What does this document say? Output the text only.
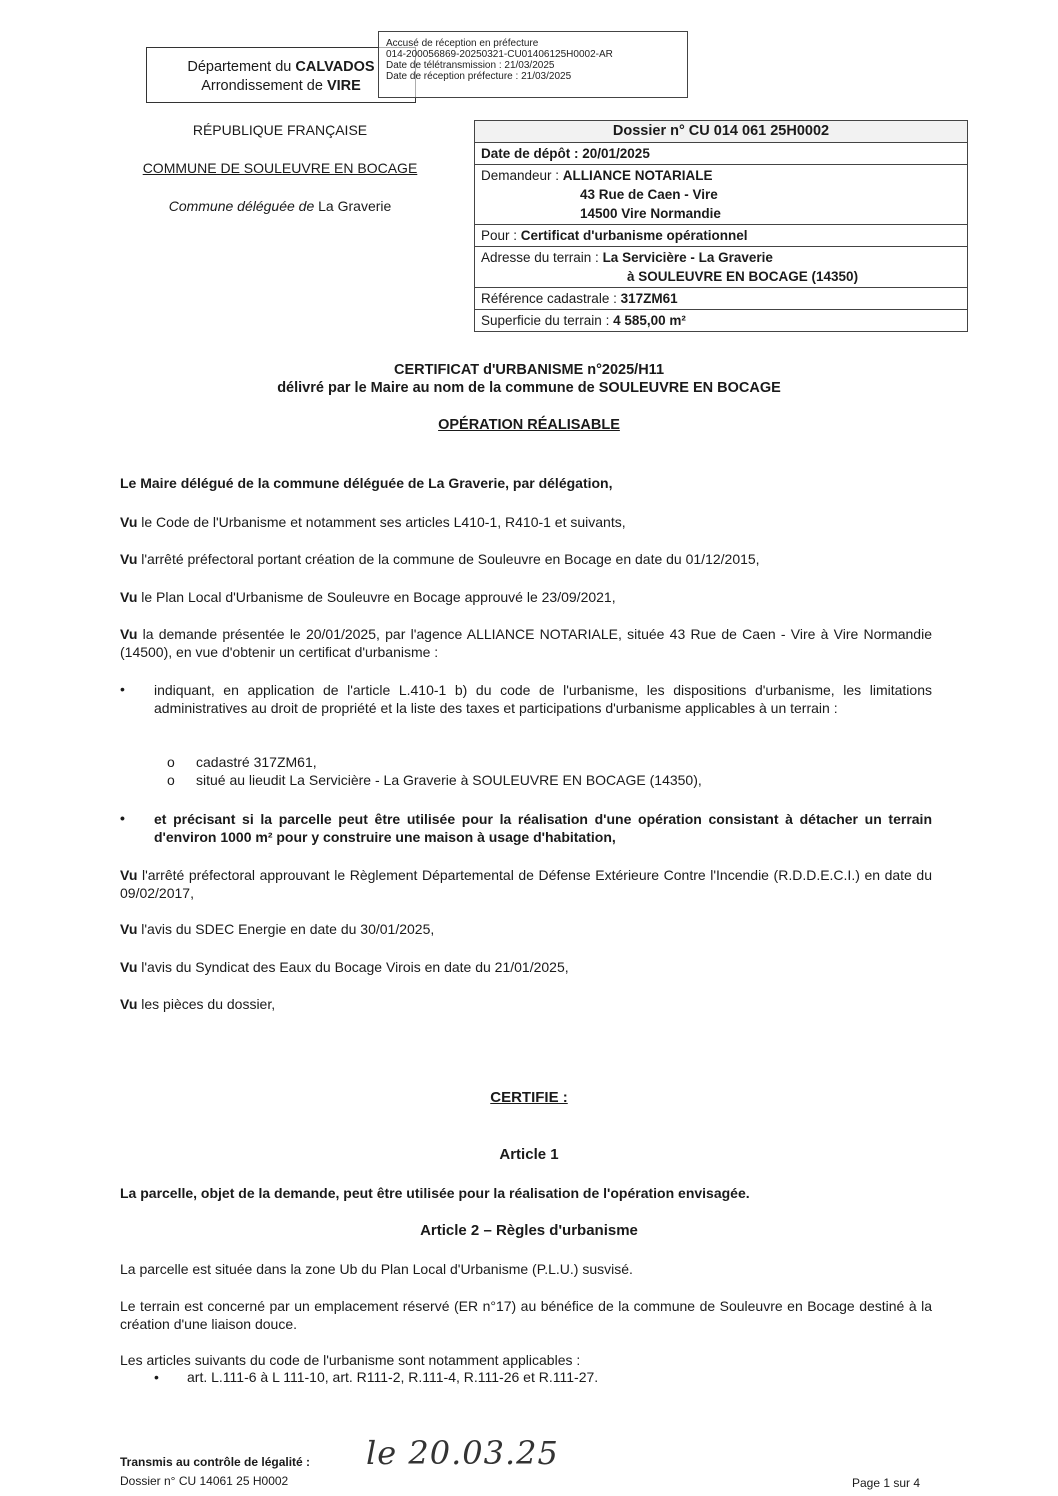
Département du CALVADOS
Arrondissement de VIRE
Accusé de réception en préfecture
014-200056869-20250321-CU01406125H0002-AR
Date de télétransmission : 21/03/2025
Date de réception préfecture : 21/03/2025
RÉPUBLIQUE FRANÇAISE
COMMUNE DE SOULEUVRE EN BOCAGE
Commune déléguée de La Graverie
Dossier n° CU 014 061 25H0002
Date de dépôt : 20/01/2025
Demandeur : ALLIANCE NOTARIALE
43 Rue de Caen - Vire
14500 Vire Normandie
Pour : Certificat d'urbanisme opérationnel
Adresse du terrain : La Servicière - La Graverie
à SOULEUVRE EN BOCAGE (14350)
Référence cadastrale : 317ZM61
Superficie du terrain : 4 585,00 m²
CERTIFICAT d'URBANISME n°2025/H11
délivré par le Maire au nom de la commune de SOULEUVRE EN BOCAGE
OPÉRATION RÉALISABLE
Le Maire délégué de la commune déléguée de La Graverie, par délégation,
Vu le Code de l'Urbanisme et notamment ses articles L410-1, R410-1 et suivants,
Vu l'arrêté préfectoral portant création de la commune de Souleuvre en Bocage en date du 01/12/2015,
Vu le Plan Local d'Urbanisme de Souleuvre en Bocage approuvé le 23/09/2021,
Vu la demande présentée le 20/01/2025, par l'agence ALLIANCE NOTARIALE, située 43 Rue de Caen - Vire à Vire Normandie (14500), en vue d'obtenir un certificat d'urbanisme :
• indiquant, en application de l'article L.410-1 b) du code de l'urbanisme, les dispositions d'urbanisme, les limitations administratives au droit de propriété et la liste des taxes et participations d'urbanisme applicables à un terrain :
o cadastré 317ZM61,
o situé au lieudit La Servicière - La Graverie à SOULEUVRE EN BOCAGE (14350),
• et précisant si la parcelle peut être utilisée pour la réalisation d'une opération consistant à détacher un terrain d'environ 1000 m² pour y construire une maison à usage d'habitation,
Vu l'arrêté préfectoral approuvant le Règlement Départemental de Défense Extérieure Contre l'Incendie (R.D.D.E.C.I.) en date du 09/02/2017,
Vu l'avis du SDEC Energie en date du 30/01/2025,
Vu l'avis du Syndicat des Eaux du Bocage Virois en date du 21/01/2025,
Vu les pièces du dossier,
CERTIFIE :
Article 1
La parcelle, objet de la demande, peut être utilisée pour la réalisation de l'opération envisagée.
Article 2 – Règles d'urbanisme
La parcelle est située dans la zone Ub du Plan Local d'Urbanisme (P.L.U.) susvisé.
Le terrain est concerné par un emplacement réservé (ER n°17) au bénéfice de la commune de Souleuvre en Bocage destiné à la création d'une liaison douce.
Les articles suivants du code de l'urbanisme sont notamment applicables :
• art. L.111-6 à L 111-10, art. R111-2, R.111-4, R.111-26 et R.111-27.
Transmis au contrôle de légalité : le 20.03.25
Dossier n° CU 14061 25 H0002	Page 1 sur 4
